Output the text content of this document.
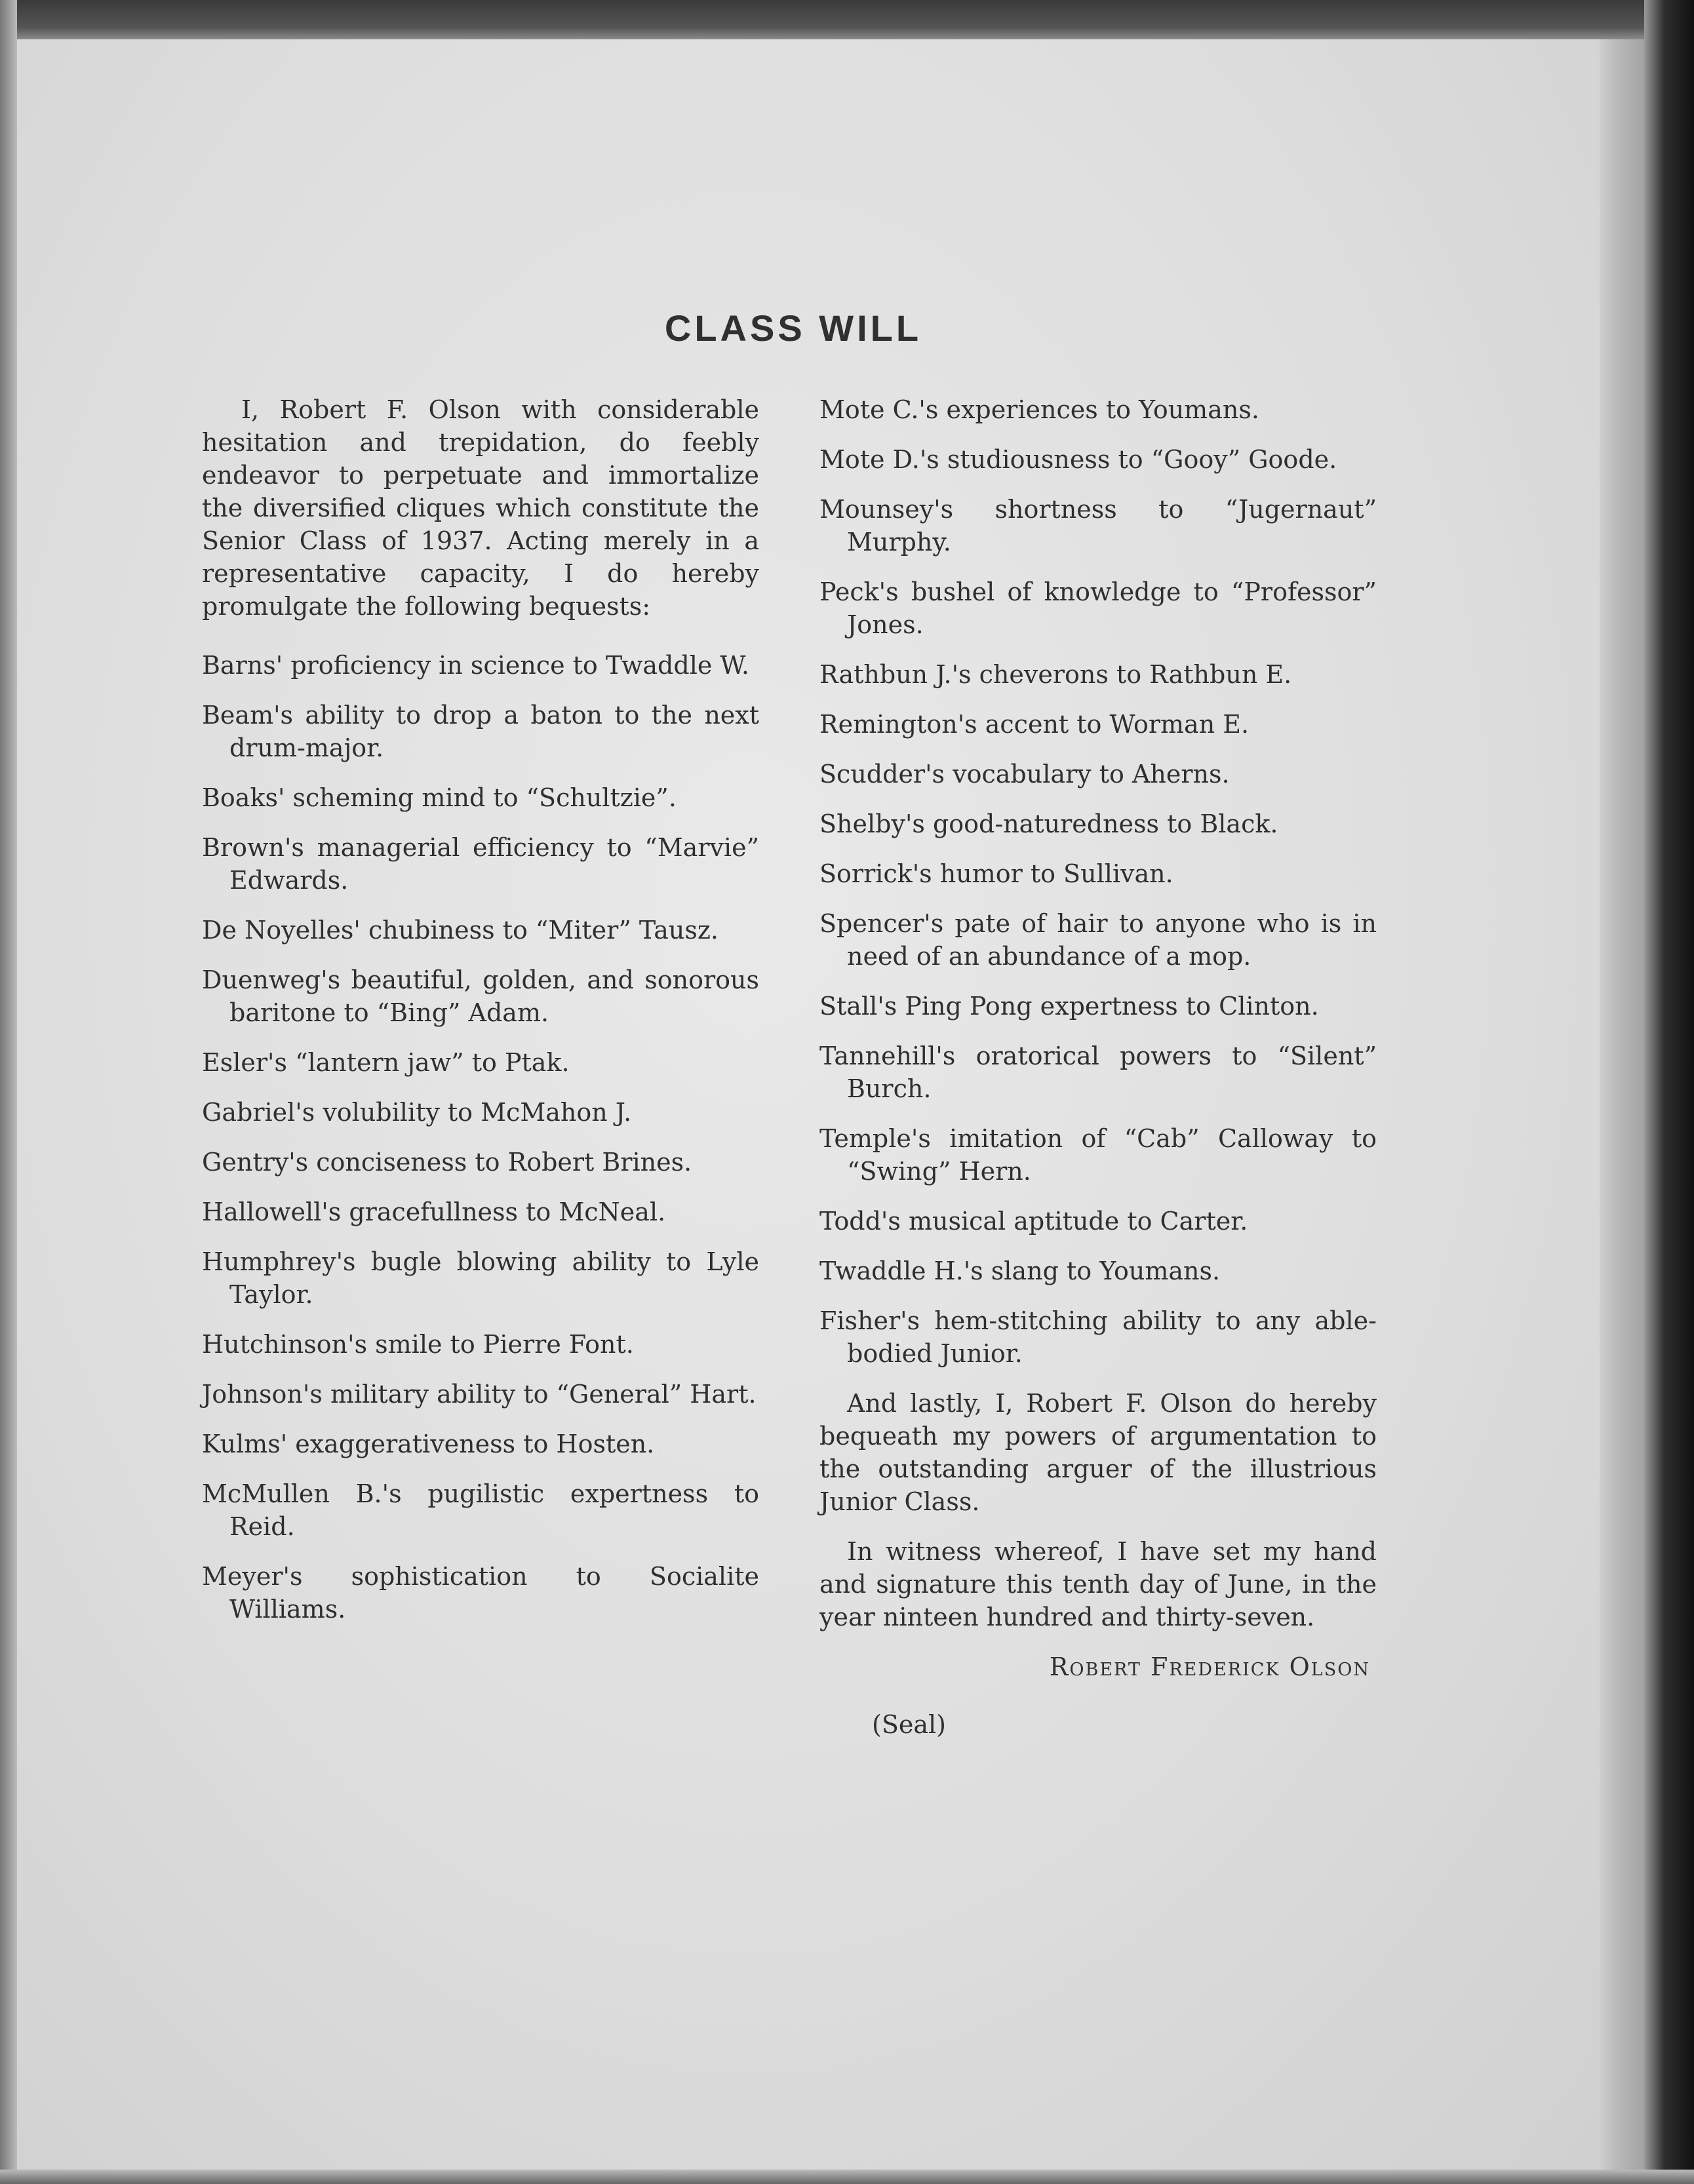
CLASS WILL

I, Robert F. Olson with considerable hesitation and trepidation, do feebly endeavor to perpetuate and immortalize the diversified cliques which constitute the Senior Class of 1937. Acting merely in a representative capacity, I do hereby promulgate the following bequests:

Barns' proficiency in science to Twaddle W.

Beam's ability to drop a baton to the next drum-major.

Boaks' scheming mind to “Schultzie”.

Brown's managerial efficiency to “Marvie” Edwards.

De Noyelles' chubiness to “Miter” Tausz.

Duenweg's beautiful, golden, and sonorous baritone to “Bing” Adam.

Esler's “lantern jaw” to Ptak.

Gabriel's volubility to McMahon J.

Gentry's conciseness to Robert Brines.

Hallowell's gracefullness to McNeal.

Humphrey's bugle blowing ability to Lyle Taylor.

Hutchinson's smile to Pierre Font.

Johnson's military ability to “General” Hart.

Kulms' exaggerativeness to Hosten.

McMullen B.'s pugilistic expertness to Reid.

Meyer's sophistication to Socialite Williams.

Mote C.'s experiences to Youmans.

Mote D.'s studiousness to “Gooy” Goode.

Mounsey's shortness to “Jugernaut” Murphy.

Peck's bushel of knowledge to “Professor” Jones.

Rathbun J.'s cheverons to Rathbun E.

Remington's accent to Worman E.

Scudder's vocabulary to Aherns.

Shelby's good-naturedness to Black.

Sorrick's humor to Sullivan.

Spencer's pate of hair to anyone who is in need of an abundance of a mop.

Stall's Ping Pong expertness to Clinton.

Tannehill's oratorical powers to “Silent” Burch.

Temple's imitation of “Cab” Calloway to “Swing” Hern.

Todd's musical aptitude to Carter.

Twaddle H.'s slang to Youmans.

Fisher's hem-stitching ability to any able-bodied Junior.

And lastly, I, Robert F. Olson do hereby bequeath my powers of argumentation to the outstanding arguer of the illustrious Junior Class.

In witness whereof, I have set my hand and signature this tenth day of June, in the year ninteen hundred and thirty-seven.

Robert Frederick Olson
(Seal)
